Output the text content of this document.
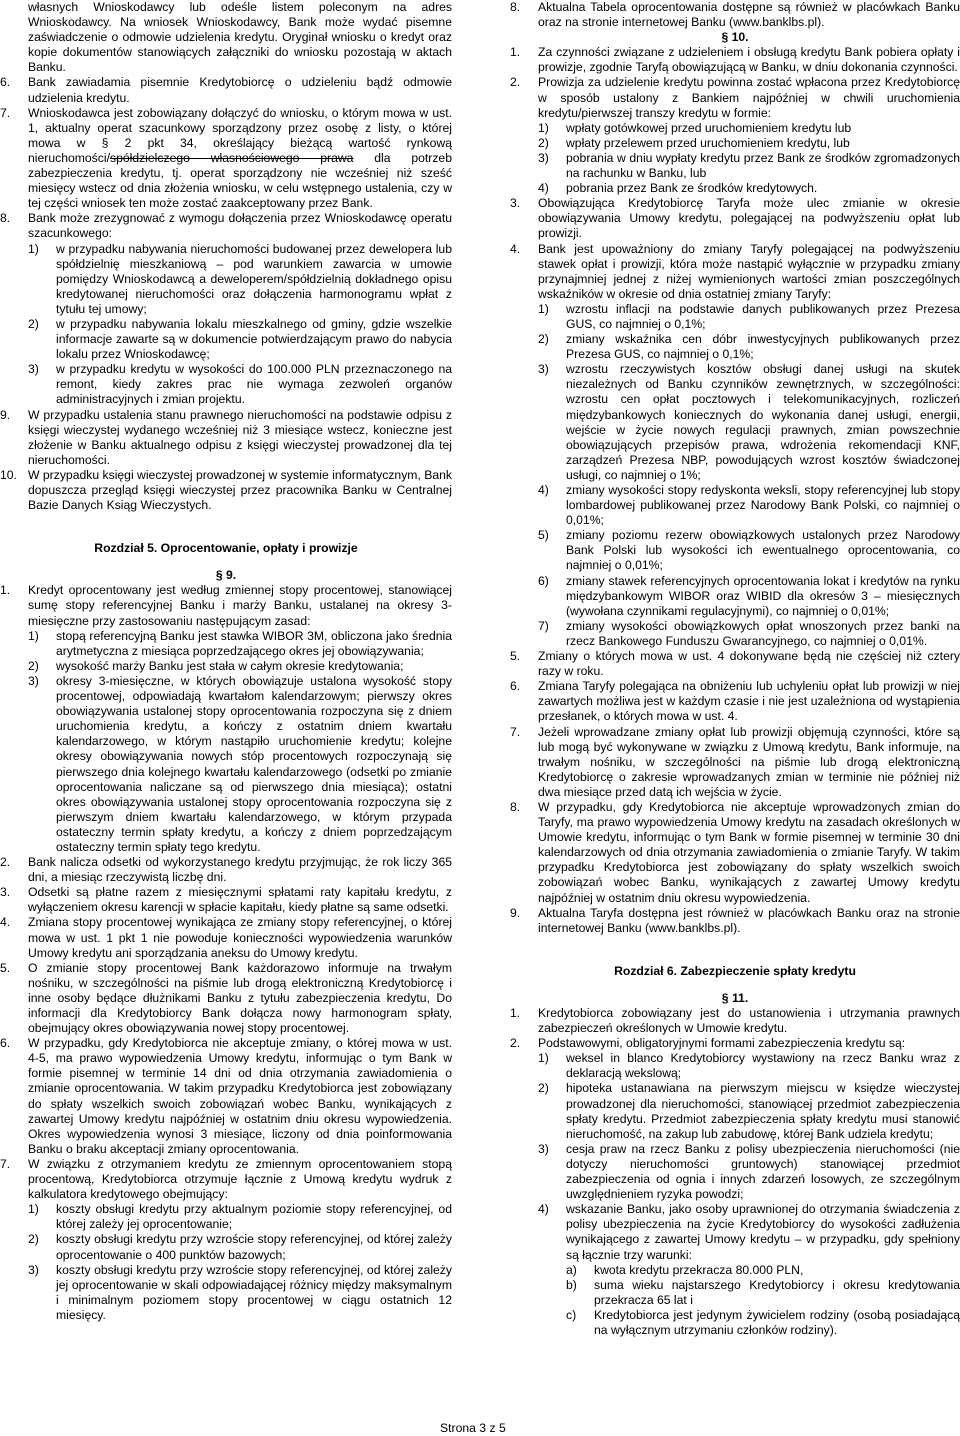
własnych Wnioskodawcy lub odeśle listem poleconym na adres Wnioskodawcy. Na wniosek Wnioskodawcy, Bank może wydać pisemne zaświadczenie o odmowie udzielenia kredytu. Oryginał wniosku o kredyt oraz kopie dokumentów stanowiących załączniki do wniosku pozostają w aktach Banku.

6. Bank zawiadamia pisemnie Kredytobiorcę o udzieleniu bądź odmowie udzielenia kredytu.
7. Wnioskodawca jest zobowiązany dołączyć do wniosku, o którym mowa w ust. 1, aktualny operat szacunkowy sporządzony przez osobę z listy, o której mowa w § 2 pkt 34, określający bieżącą wartość rynkową nieruchomości/spółdzielczego własnościowego prawa dla potrzeb zabezpieczenia kredytu, tj. operat sporządzony nie wcześniej niż sześć miesięcy wstecz od dnia złożenia wniosku, w celu wstępnego ustalenia, czy w tej części wniosek ten może zostać zaakceptowany przez Bank.
8. Bank może zrezygnować z wymogu dołączenia przez Wnioskodawcę operatu szacunkowego:
1) w przypadku nabywania nieruchomości budowanej przez dewelopera lub spółdzielnię mieszkaniową – pod warunkiem zawarcia w umowie pomiędzy Wnioskodawcą a deweloperem/spółdzielnią dokładnego opisu kredytowanej nieruchomości oraz dołączenia harmonogramu wpłat z tytułu tej umowy;
2) w przypadku nabywania lokalu mieszkalnego od gminy, gdzie wszelkie informacje zawarte są w dokumencie potwierdzającym prawo do nabycia lokalu przez Wnioskodawcę;
3) w przypadku kredytu w wysokości do 100.000 PLN przeznaczonego na remont, kiedy zakres prac nie wymaga zezwoleń organów administracyjnych i zmian projektu.
9. W przypadku ustalenia stanu prawnego nieruchomości na podstawie odpisu z księgi wieczystej wydanego wcześniej niż 3 miesiące wstecz, konieczne jest złożenie w Banku aktualnego odpisu z księgi wieczystej prowadzonej dla tej nieruchomości.
10. W przypadku księgi wieczystej prowadzonej w systemie informatycznym, Bank dopuszcza przegląd księgi wieczystej przez pracownika Banku w Centralnej Bazie Danych Ksiąg Wieczystych.

Rozdział 5. Oprocentowanie, opłaty i prowizje

§ 9.

1. Kredyt oprocentowany jest według zmiennej stopy procentowej, stanowiącej sumę stopy referencyjnej Banku i marży Banku, ustalanej na okresy 3-miesięczne przy zastosowaniu następującym zasad:
1) stopą referencyjną Banku jest stawka WIBOR 3M, obliczona jako średnia arytmetyczna z miesiąca poprzedzającego okres jej obowiązywania;
2) wysokość marży Banku jest stała w całym okresie kredytowania;
3) okresy 3-miesięczne, w których obowiązuje ustalona wysokość stopy procentowej, odpowiadają kwartałom kalendarzowym; pierwszy okres obowiązywania ustalonej stopy oprocentowania rozpoczyna się z dniem uruchomienia kredytu, a kończy z ostatnim dniem kwartału kalendarzowego, w którym nastąpiło uruchomienie kredytu; kolejne okresy obowiązywania nowych stóp procentowych rozpoczynają się pierwszego dnia kolejnego kwartału kalendarzowego (odsetki po zmianie oprocentowania naliczane są od pierwszego dnia miesiąca); ostatni okres obowiązywania ustalonej stopy oprocentowania rozpoczyna się z pierwszym dniem kwartału kalendarzowego, w którym przypada ostateczny termin spłaty kredytu, a kończy z dniem poprzedzającym ostateczny termin spłaty tego kredytu.
2. Bank nalicza odsetki od wykorzystanego kredytu przyjmując, że rok liczy 365 dni, a miesiąc rzeczywistą liczbę dni.
3. Odsetki są płatne razem z miesięcznymi spłatami raty kapitału kredytu, z wyłączeniem okresu karencji w spłacie kapitału, kiedy płatne są same odsetki.
4. Zmiana stopy procentowej wynikająca ze zmiany stopy referencyjnej, o której mowa w ust. 1 pkt 1 nie powoduje konieczności wypowiedzenia warunków Umowy kredytu ani sporządzania aneksu do Umowy kredytu.
5. O zmianie stopy procentowej Bank każdorazowo informuje na trwałym nośniku, w szczególności na piśmie lub drogą elektroniczną Kredytobiorcę i inne osoby będące dłużnikami Banku z tytułu zabezpieczenia kredytu, Do informacji dla Kredytobiorcy Bank dołącza nowy harmonogram spłaty, obejmujący okres obowiązywania nowej stopy procentowej.
6. W przypadku, gdy Kredytobiorca nie akceptuje zmiany, o której mowa w ust. 4-5, ma prawo wypowiedzenia Umowy kredytu, informując o tym Bank w formie pisemnej w terminie 14 dni od dnia otrzymania zawiadomienia o zmianie oprocentowania. W takim przypadku Kredytobiorca jest zobowiązany do spłaty wszelkich swoich zobowiązań wobec Banku, wynikających z zawartej Umowy kredytu najpóźniej w ostatnim dniu okresu wypowiedzenia. Okres wypowiedzenia wynosi 3 miesiące, liczony od dnia poinformowania Banku o braku akceptacji zmiany oprocentowania.
7. W związku z otrzymaniem kredytu ze zmiennym oprocentowaniem stopą procentową, Kredytobiorca otrzymuje łącznie z Umową kredytu wydruk z kalkulatora kredytowego obejmujący:
1) koszty obsługi kredytu przy aktualnym poziomie stopy referencyjnej, od której zależy jej oprocentowanie;
2) koszty obsługi kredytu przy wzroście stopy referencyjnej, od której zależy oprocentowanie o 400 punktów bazowych;
3) koszty obsługi kredytu przy wzroście stopy referencyjnej, od której zależy jej oprocentowanie w skali odpowiadającej różnicy między maksymalnym i minimalnym poziomem stopy procentowej w ciągu ostatnich 12 miesięcy.
8. Aktualna Tabela oprocentowania dostępne są również w placówkach Banku oraz na stronie internetowej Banku (www.banklbs.pl).

§ 10.

1. Za czynności związane z udzieleniem i obsługą kredytu Bank pobiera opłaty i prowizje, zgodnie Taryfą obowiązującą w Banku, w dniu dokonania czynności.
2. Prowizja za udzielenie kredytu powinna zostać wpłacona przez Kredytobiorcę w sposób ustalony z Bankiem najpóźniej w chwili uruchomienia kredytu/pierwszej transzy kredytu w formie:
1) wpłaty gotówkowej przed uruchomieniem kredytu lub
2) wpłaty przelewem przed uruchomieniem kredytu, lub
3) pobrania w dniu wypłaty kredytu przez Bank ze środków zgromadzonych na rachunku w Banku, lub
4) pobrania przez Bank ze środków kredytowych.
3. Obowiązująca Kredytobiorcę Taryfa może ulec zmianie w okresie obowiązywania Umowy kredytu, polegającej na podwyższeniu opłat lub prowizji.
4. Bank jest upoważniony do zmiany Taryfy polegającej na podwyższeniu stawek opłat i prowizji, która może nastąpić wyłącznie w przypadku zmiany przynajmniej jednej z niżej wymienionych wartości zmian poszczególnych wskaźników w okresie od dnia ostatniej zmiany Taryfy:
1) wzrostu inflacji na podstawie danych publikowanych przez Prezesa GUS, co najmniej o 0,1%;
2) zmiany wskaźnika cen dóbr inwestycyjnych publikowanych przez Prezesa GUS, co najmniej o 0,1%;
3) wzrostu rzeczywistych kosztów obsługi danej usługi na skutek niezależnych od Banku czynników zewnętrznych, w szczególności: wzrostu cen opłat pocztowych i telekomunikacyjnych, rozliczeń międzybankowych koniecznych do wykonania danej usługi, energii, wejście w życie nowych regulacji prawnych, zmian powszechnie obowiązujących przepisów prawa, wdrożenia rekomendacji KNF, zarządzeń Prezesa NBP, powodujących wzrost kosztów świadczonej usługi, co najmniej o 1%;
4) zmiany wysokości stopy redyskonta weksli, stopy referencyjnej lub stopy lombardowej publikowanej przez Narodowy Bank Polski, co najmniej o 0,01%;
5) zmiany poziomu rezerw obowiązkowych ustalonych przez Narodowy Bank Polski lub wysokości ich ewentualnego oprocentowania, co najmniej o 0,01%;
6) zmiany stawek referencyjnych oprocentowania lokat i kredytów na rynku międzybankowym WIBOR oraz WIBID dla okresów 3 – miesięcznych (wywołana czynnikami regulacyjnymi), co najmniej o 0,01%;
7) zmiany wysokości obowiązkowych opłat wnoszonych przez banki na rzecz Bankowego Funduszu Gwarancyjnego, co najmniej o 0,01%.
5. Zmiany o których mowa w ust. 4 dokonywane będą nie częściej niż cztery razy w roku.
6. Zmiana Taryfy polegająca na obniżeniu lub uchyleniu opłat lub prowizji w niej zawartych możliwa jest w każdym czasie i nie jest uzależniona od wystąpienia przesłanek, o których mowa w ust. 4.
7. Jeżeli wprowadzane zmiany opłat lub prowizji objęmują czynności, które są lub mogą być wykonywane w związku z Umową kredytu, Bank informuje, na trwałym nośniku, w szczególności na piśmie lub drogą elektroniczną Kredytobiorcę o zakresie wprowadzanych zmian w terminie nie później niż dwa miesiące przed datą ich wejścia w życie.
8. W przypadku, gdy Kredytobiorca nie akceptuje wprowadzonych zmian do Taryfy, ma prawo wypowiedzenia Umowy kredytu na zasadach określonych w Umowie kredytu, informując o tym Bank w formie pisemnej w terminie 30 dni kalendarzowych od dnia otrzymania zawiadomienia o zmianie Taryfy. W takim przypadku Kredytobiorca jest zobowiązany do spłaty wszelkich swoich zobowiązań wobec Banku, wynikających z zawartej Umowy kredytu najpóźniej w ostatnim dniu okresu wypowiedzenia.
9. Aktualna Taryfa dostępna jest również w placówkach Banku oraz na stronie internetowej Banku (www.banklbs.pl).

Rozdział 6. Zabezpieczenie spłaty kredytu

§ 11.

1. Kredytobiorca zobowiązany jest do ustanowienia i utrzymania prawnych zabezpieczeń określonych w Umowie kredytu.
2. Podstawowymi, obligatoryjnymi formami zabezpieczenia kredytu są:
1) weksel in blanco Kredytobiorcy wystawiony na rzecz Banku wraz z deklaracją wekslową;
2) hipoteka ustanawiana na pierwszym miejscu w księdze wieczystej prowadzonej dla nieruchomości, stanowiącej przedmiot zabezpieczenia spłaty kredytu. Przedmiot zabezpieczenia spłaty kredytu musi stanowić nieruchomość, na zakup lub zabudowę, której Bank udziela kredytu;
3) cesja praw na rzecz Banku z polisy ubezpieczenia nieruchomości (nie dotyczy nieruchomości gruntowych) stanowiącej przedmiot zabezpieczenia od ognia i innych zdarzeń losowych, ze szczególnym uwzględnieniem ryzyka powodzi;
4) wskazanie Banku, jako osoby uprawnionej do otrzymania świadczenia z polisy ubezpieczenia na życie Kredytobiorcy do wysokości zadłużenia wynikającego z zawartej Umowy kredytu – w przypadku, gdy spełniony są łącznie trzy warunki:
a) kwota kredytu przekracza 80.000 PLN,
b) suma wieku najstarszego Kredytobiorcy i okresu kredytowania przekracza 65 lat i
c) Kredytobiorca jest jedynym żywicielem rodziny (osobą posiadającą na wyłącznym utrzymaniu członków rodziny).
Strona 3 z 5
